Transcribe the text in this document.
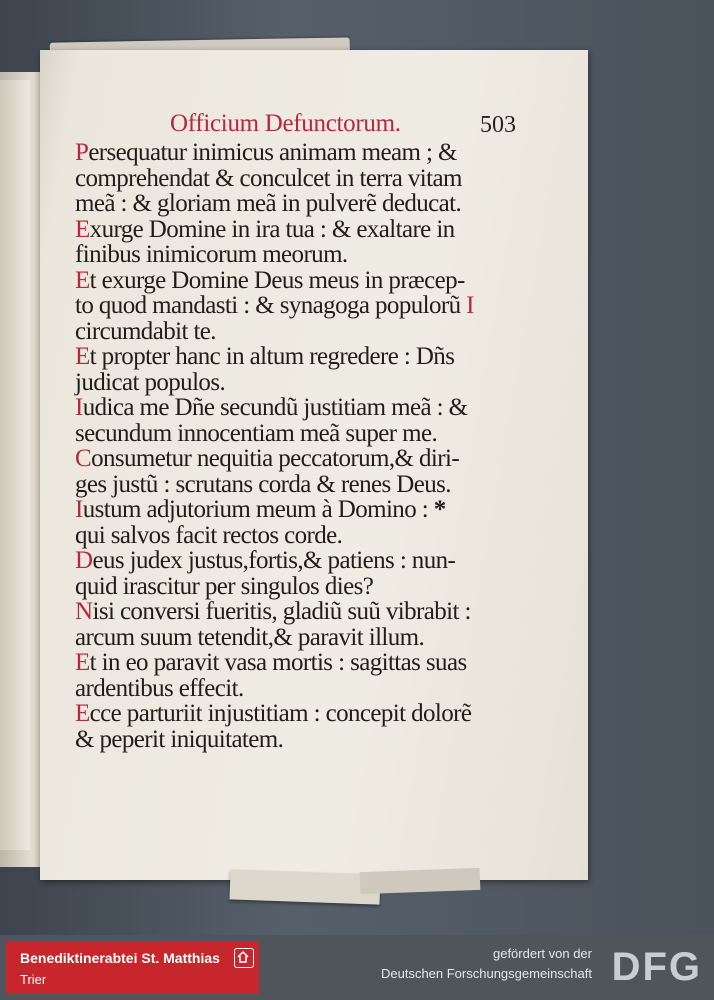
Officium Defunctorum.	503
Persequatur inimicus animam meam ; &
comprehendat & conculcet in terra vitam
meã : & gloriam meã in pulverẽ deducat.
Exurge Domine in ira tua : & exaltare in
finibus inimicorum meorum.
Et exurge Domine Deus meus in præcep-
to quod mandasti : & synagoga populorũ I
circumdabit te.
Et propter hanc in altum regredere : Dñs
judicat populos.
Iudica me Dñe secundũ justitiam meã : &
secundum innocentiam meã super me.
Consumetur nequitia peccatorum,& diri-
ges justũ : scrutans corda & renes Deus.
Iustum adjutorium meum à Domino : *
qui salvos facit rectos corde.
Deus judex justus,fortis,& patiens : nun-
quid irascitur per singulos dies?
Nisi conversi fueritis, gladiũ suũ vibrabit :
arcum suum tetendit,& paravit illum.
Et in eo paravit vasa mortis : sagittas suas
ardentibus effecit.
Ecce parturiit injustitiam : concepit dolorẽ
& peperit iniquitatem.
Benediktinerabtei St. Matthias
Trier
gefördert von der
Deutschen Forschungsgemeinschaft DFG
